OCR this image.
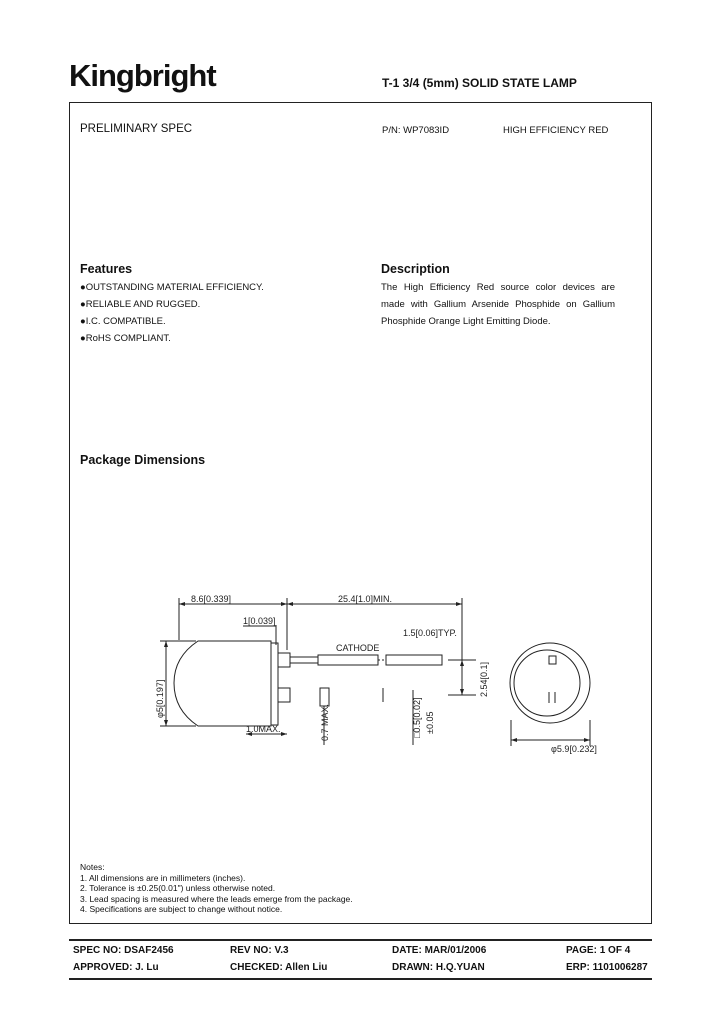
Kingbright	T-1 3/4 (5mm) SOLID STATE LAMP
PRELIMINARY SPEC	P/N: WP7083ID	HIGH EFFICIENCY RED
Features
●OUTSTANDING MATERIAL EFFICIENCY.
●RELIABLE AND RUGGED.
●I.C. COMPATIBLE.
●RoHS COMPLIANT.
Description
The High Efficiency Red source color devices are
made with Gallium Arsenide Phosphide on Gallium
Phosphide Orange Light Emitting Diode.
Package Dimensions
8.6[0.339]	25.4[1.0]MIN.
1[0.039]
1.5[0.06]TYP.
CATHODE
1.0MAX.
φ5.9[0.232]
φ5[0.197]
0.7 MAX.
2.54[0.1]
□0.5[0.02] ±0.05
Notes:
1. All dimensions are in millimeters (inches).
2. Tolerance is ±0.25(0.01") unless otherwise noted.
3. Lead spacing is measured where the leads emerge from the package.
4. Specifications are subject to change without notice.
SPEC NO: DSAF2456	REV NO: V.3	DATE: MAR/01/2006	PAGE: 1 OF 4
APPROVED: J. Lu	CHECKED: Allen Liu	DRAWN: H.Q.YUAN	ERP: 1101006287
